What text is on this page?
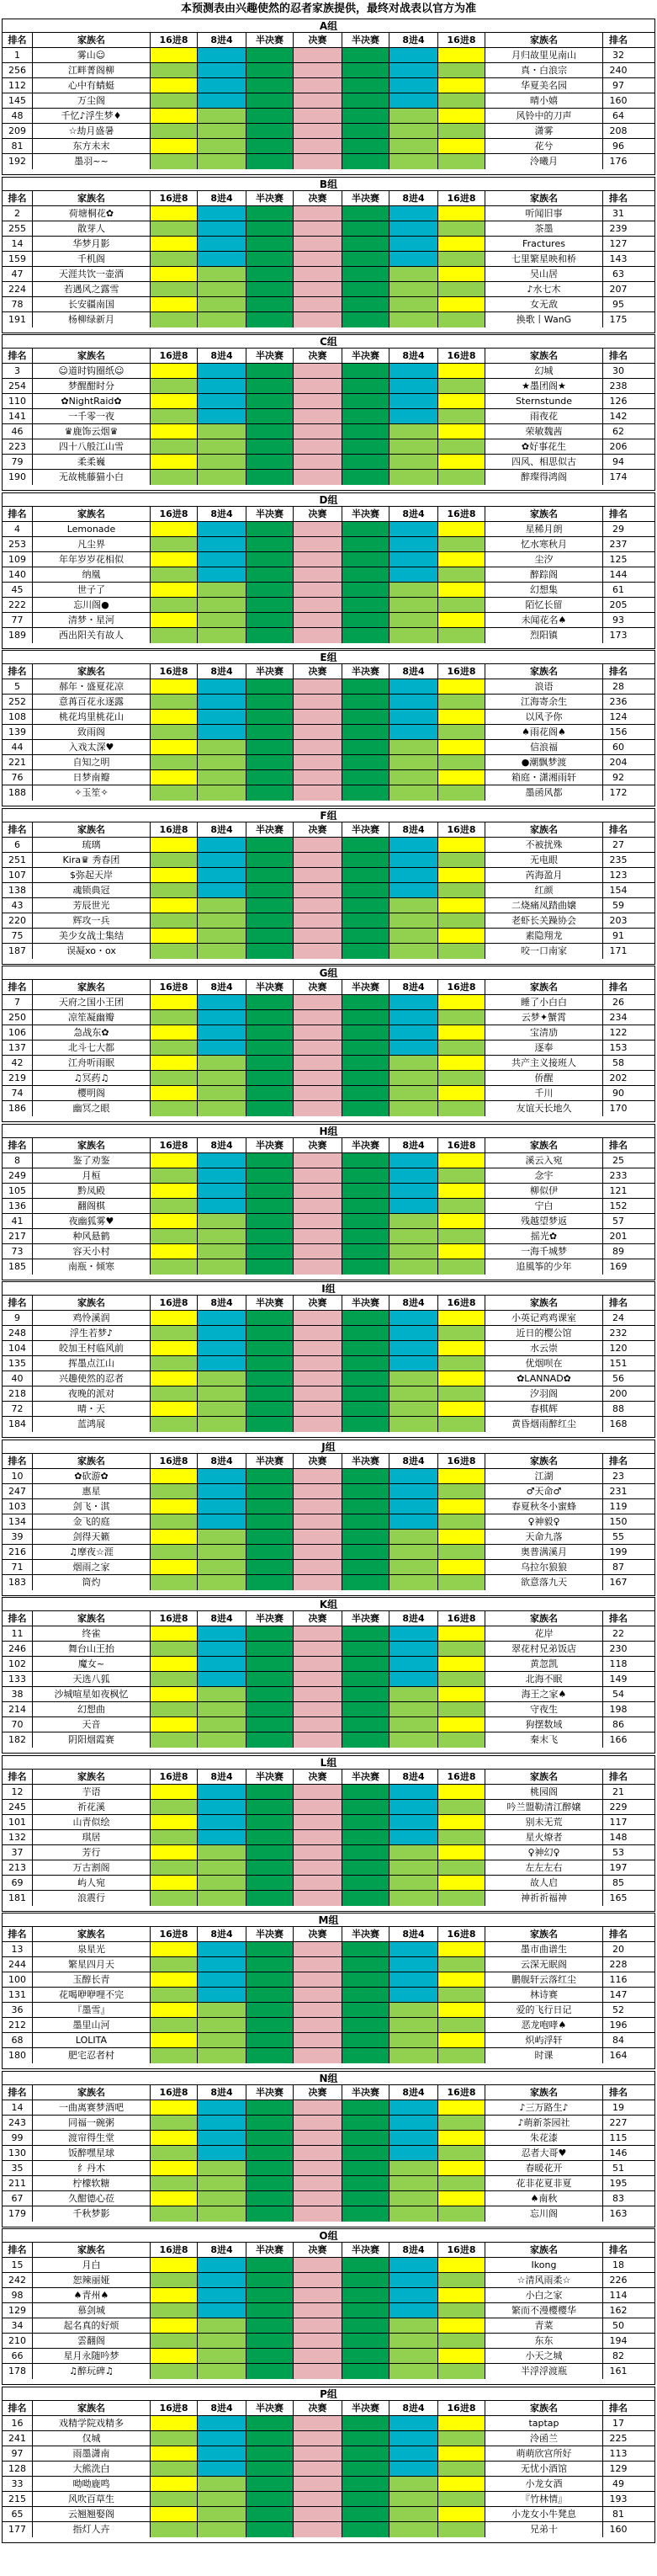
本预测表由兴趣使然的忍者家族提供，最终对战表以官方为准
A组
排名	家族名	16进8	8进4	半决赛	决赛	半决赛	8进4	16进8	家族名	排名
1	雾山☺	月归故里见南山	32
256	江畔菁阁柳	真・白浪宗	240
112	心中有蜻蜓	华夏美名园	97
145	万尘阁	晴小嬉	160
48	千忆♪浮生梦♦	风铃中的刀声	64
209	☆劫月盛暑	潇雾	208
81	东方未末	花兮	96
192	墨羽~~	泠曦月	176
B组
排名	家族名	16进8	8进4	半决赛	决赛	半决赛	8进4	16进8	家族名	排名
2	荷塘桐花✿	听闻旧事	31
255	散芽人	茶墨	239
14	华梦月影	Fractures	127
159	千机阁	七里繁星映和桥	143
47	天涯共饮一壶酒	吴山居	63
224	若遇风之露雪	♪水七木	207
78	长安疆南国	女无敌	95
191	杨柳绿新月	换歌丨WanG	175
C组
排名	家族名	16进8	8进4	半决赛	决赛	半决赛	8进4	16进8	家族名	排名
3	☺道时钩圈纸☺	幻城	30
254	梦醒酣时分	★墨团阁★	238
110	✿NightRaid✿	Sternstunde	126
141	一千零一夜	雨夜花	142
46	♛鹿饰云烟♛	荣敏魏茜	62
223	四十八般江山雪	✿好事花生	206
79	柔柔巍	四风、相思似古	94
190	无故桃藤猫小白	醉璨得鸿阁	174
D组
排名	家族名	16进8	8进4	半决赛	决赛	半决赛	8进4	16进8	家族名	排名
4	Lemonade	星稀月朗	29
253	凡尘界	忆水寒秋月	237
109	年年岁岁花相似	尘汐	125
140	纳凰	醉踪阁	144
45	世子了	幻想集	61
222	忘川阁●	陌忆长留	205
77	清梦・星河	未闻花名♠	93
189	西出阳关有故人	烈阳镇	173
E组
排名	家族名	16进8	8进4	半决赛	决赛	半决赛	8进4	16进8	家族名	排名
5	郝年・盛夏花凉	浪语	28
252	意苒百花永逐露	江海寄余生	236
108	桃花坞里桃花山	以风予你	124
139	致雨阁	♠雨花阁♠	156
44	入戏太深♥	信浪福	60
221	自知之明	●潮飘梦渡	204
76	日梦南瓣	箱庭・潇湘雨轩	92
188	✧玉笙✧	墨函风都	172
F组
排名	家族名	16进8	8进4	半决赛	决赛	半决赛	8进4	16进8	家族名	排名
6	琉璃	不被扰殊	27
251	Kira♛ 秀春团	无电眼	235
107	$弥起天岸	芮海盈月	123
138	魂锁典冠	红颜	154
43	芳辰世光	二烧痛凤踏曲嬢	59
220	辉攻一兵	老虾长关躁协会	203
75	美少女战士集结	素隐翔龙	91
187	误凝xo・ox	咬一口南家	171
G组
排名	家族名	16进8	8进4	半决赛	决赛	半决赛	8进4	16进8	家族名	排名
7	天府之国小王团	睡了小白白	26
250	凉笙凝幽瓣	云梦✦蟹霄	234
106	急战东✿	宝清劢	122
137	北斗七大都	逐奉	153
42	江舟听雨眠	共产主义接班人	58
219	♫冥药♫	侨醒	202
74	樱明阁	千川	90
186	幽冥之眼	友谊天长地久	170
H组
排名	家族名	16进8	8进4	半决赛	决赛	半决赛	8进4	16进8	家族名	排名
8	鉴了劝鉴	溪云入宛	25
249	月桓	念宇	233
105	黔凤殿	柳似伊	121
136	翻阁棋	宁白	152
41	夜幽狐雾♥	残越望梦返	57
217	种风悬鹤	摇光✿	201
73	容天小村	一海千城梦	89
185	南瓶・倾寒	追風筝的少年	169
I组
排名	家族名	16进8	8进4	半决赛	决赛	半决赛	8进4	16进8	家族名	排名
9	鸡怜溪润	小英记鸡鸡课室	24
248	浮生若梦♪	近日的樱公馆	232
104	皎加王村临风前	水云崇	120
135	挥墨点江山	优烟呗在	151
40	兴趣使然的忍者	✿LANNAD✿	56
218	夜晚的派对	汐羽阁	200
72	晴・天	春棋辉	88
184	蓝鸿展	黄昏烟雨醉红尘	168
J组
排名	家族名	16进8	8进4	半决赛	决赛	半决赛	8进4	16进8	家族名	排名
10	✿砍游✿	江湖	23
247	惠星	♂天命♂	231
103	剑飞・淇	春夏秋冬小蜜蜂	119
134	金飞的庭	♀神毅♀	150
39	剑得天籁	天命九落	55
216	♫摩夜☆涯	奥普满溪月	199
71	烟雨之家	乌拉尔狼狼	87
183	筒灼	欲意落九天	167
K组
排名	家族名	16进8	8进4	半决赛	决赛	半决赛	8进4	16进8	家族名	排名
11	终雀	花岸	22
246	舞台山王抬	翠花村兄弟饭店	230
102	魔女~	黄忽凯	118
133	天选八狐	北海不眠	149
38	沙城喧星如夜枫忆	海王之家♠	54
214	幻想曲	守夜生	198
70	天音	狗摆数域	86
182	阴阳烟霞赛	秦末飞	166
L组
排名	家族名	16进8	8进4	半决赛	决赛	半决赛	8进4	16进8	家族名	排名
12	芋语	桃园阁	21
245	祈花溪	吟兰盟勒清江醉嬢	229
101	山青似绘	别未无荒	117
132	琪居	星火燎者	148
37	芳行	♀神幻♀	53
213	万古割阁	左左左右	197
69	屿人宛	故人启	85
181	浪震行	神祈祈福神	165
M组
排名	家族名	16进8	8进4	半决赛	决赛	半决赛	8进4	16进8	家族名	排名
13	泉星光	墨市曲谱生	20
244	繁星四月天	云深无眠阁	228
100	玉醇长青	鹏舰轩云落红尘	116
131	花喝咿咿哩不完	林诗赛	147
36	『墨雪』	爱的飞行日记	52
212	墨里山河	恶龙咆哮♠	196
68	LOLITA	炽屿浮轩	84
180	肥宅忍者村	时课	164
N组
排名	家族名	16进8	8进4	半决赛	决赛	半决赛	8进4	16进8	家族名	排名
14	一曲离赛梦酒吧	♪三万路生♪	19
243	同福一碗粥	♪萌新茶园社	227
99	渡帘得生堂	朱花漆	115
130	饭醉嘿星球	忍者大哥♥	146
35	纟丹木	春暖花开	51
211	柠檬软糖	花非花夏非夏	195
67	久酣德心莅	♠南秋	83
179	千秋梦影	忘川阁	163
O组
排名	家族名	16进8	8进4	半决赛	决赛	半决赛	8进4	16进8	家族名	排名
15	月白	Ikong	18
242	恕辣丽娅	☆清风雨柔☆	226
98	♠青州♠	小白之家	114
129	慕剑城	繁而不漫樱樱华	162
34	起名真的好烦	青菜	50
210	雲翻阁	东东	194
66	星月永随吟梦	小天之城	82
178	♫醉玩碑♫	半浮浮渡瓶	161
P组
排名	家族名	16进8	8进4	半决赛	决赛	半决赛	8进4	16进8	家族名	排名
16	戏精学院戏精多	taptap	17
241	仅城	泠函兰	225
97	雨墨潇南	萌萌欣宫所好	113
128	大熊洗白	无忧小酒馆	129
33	呦呦鹿鸣	小龙女酒	49
215	风吹百草生	『竹林情』	193
65	云翘翘娶阁	小龙女小牛凳息	81
177	指灯人卉	兄弟十	160
